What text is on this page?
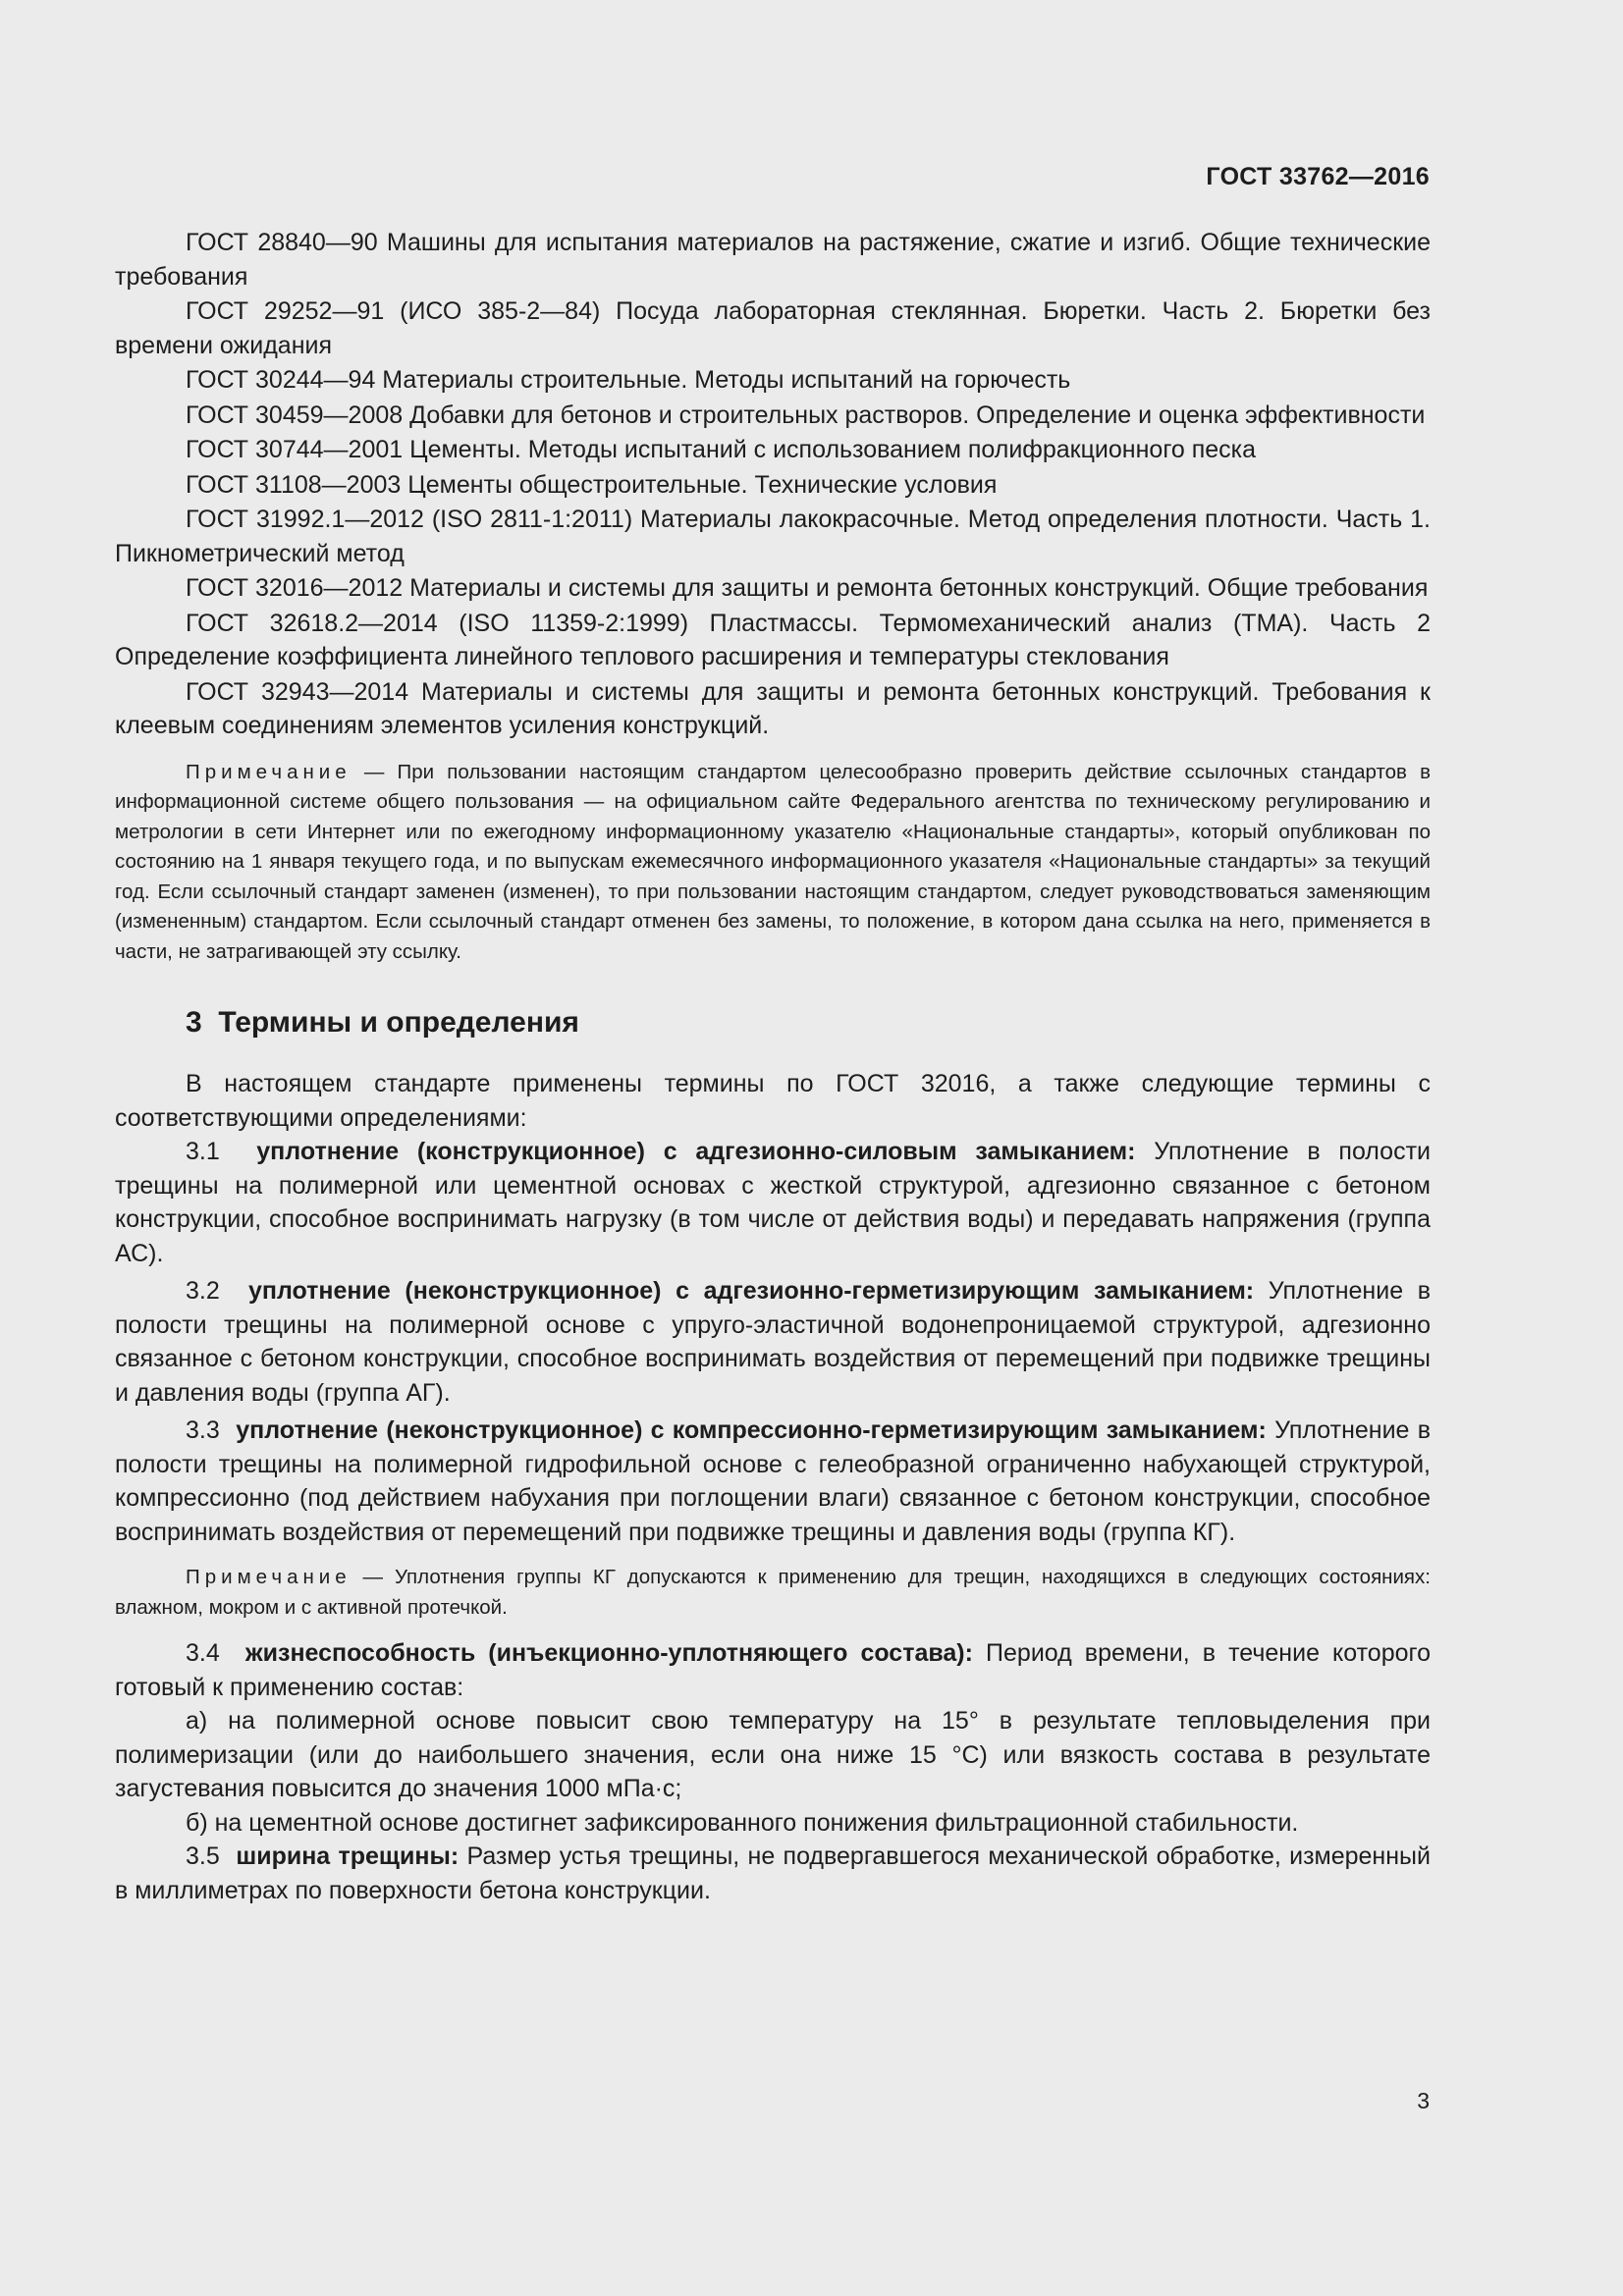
ГОСТ 33762—2016

ГОСТ 28840—90 Машины для испытания материалов на растяжение, сжатие и изгиб. Общие технические требования

ГОСТ 29252—91 (ИСО 385-2—84) Посуда лабораторная стеклянная. Бюретки. Часть 2. Бюретки без времени ожидания

ГОСТ 30244—94 Материалы строительные. Методы испытаний на горючесть

ГОСТ 30459—2008 Добавки для бетонов и строительных растворов. Определение и оценка эффективности

ГОСТ 30744—2001 Цементы. Методы испытаний с использованием полифракционного песка

ГОСТ 31108—2003 Цементы общестроительные. Технические условия

ГОСТ 31992.1—2012 (ISO 2811-1:2011) Материалы лакокрасочные. Метод определения плотности. Часть 1. Пикнометрический метод

ГОСТ 32016—2012 Материалы и системы для защиты и ремонта бетонных конструкций. Общие требования

ГОСТ 32618.2—2014 (ISO 11359-2:1999) Пластмассы. Термомеханический анализ (ТМА). Часть 2 Определение коэффициента линейного теплового расширения и температуры стеклования

ГОСТ 32943—2014 Материалы и системы для защиты и ремонта бетонных конструкций. Требования к клеевым соединениям элементов усиления конструкций.

Примечание — При пользовании настоящим стандартом целесообразно проверить действие ссылочных стандартов в информационной системе общего пользования — на официальном сайте Федерального агентства по техническому регулированию и метрологии в сети Интернет или по ежегодному информационному указателю «Национальные стандарты», который опубликован по состоянию на 1 января текущего года, и по выпускам ежемесячного информационного указателя «Национальные стандарты» за текущий год. Если ссылочный стандарт заменен (изменен), то при пользовании настоящим стандартом, следует руководствоваться заменяющим (измененным) стандартом. Если ссылочный стандарт отменен без замены, то положение, в котором дана ссылка на него, применяется в части, не затрагивающей эту ссылку.

3 Термины и определения

В настоящем стандарте применены термины по ГОСТ 32016, а также следующие термины с соответствующими определениями:

3.1 уплотнение (конструкционное) с адгезионно-силовым замыканием: Уплотнение в полости трещины на полимерной или цементной основах с жесткой структурой, адгезионно связанное с бетоном конструкции, способное воспринимать нагрузку (в том числе от действия воды) и передавать напряжения (группа АС).

3.2 уплотнение (неконструкционное) с адгезионно-герметизирующим замыканием: Уплотнение в полости трещины на полимерной основе с упруго-эластичной водонепроницаемой структурой, адгезионно связанное с бетоном конструкции, способное воспринимать воздействия от перемещений при подвижке трещины и давления воды (группа АГ).

3.3 уплотнение (неконструкционное) с компрессионно-герметизирующим замыканием: Уплотнение в полости трещины на полимерной гидрофильной основе с гелеобразной ограниченно набухающей структурой, компрессионно (под действием набухания при поглощении влаги) связанное с бетоном конструкции, способное воспринимать воздействия от перемещений при подвижке трещины и давления воды (группа КГ).

Примечание — Уплотнения группы КГ допускаются к применению для трещин, находящихся в следующих состояниях: влажном, мокром и с активной протечкой.

3.4 жизнеспособность (инъекционно-уплотняющего состава): Период времени, в течение которого готовый к применению состав:

а) на полимерной основе повысит свою температуру на 15° в результате тепловыделения при полимеризации (или до наибольшего значения, если она ниже 15 °C) или вязкость состава в результате загустевания повысится до значения 1000 мПа·с;

б) на цементной основе достигнет зафиксированного понижения фильтрационной стабильности.

3.5 ширина трещины: Размер устья трещины, не подвергавшегося механической обработке, измеренный в миллиметрах по поверхности бетона конструкции.

3
